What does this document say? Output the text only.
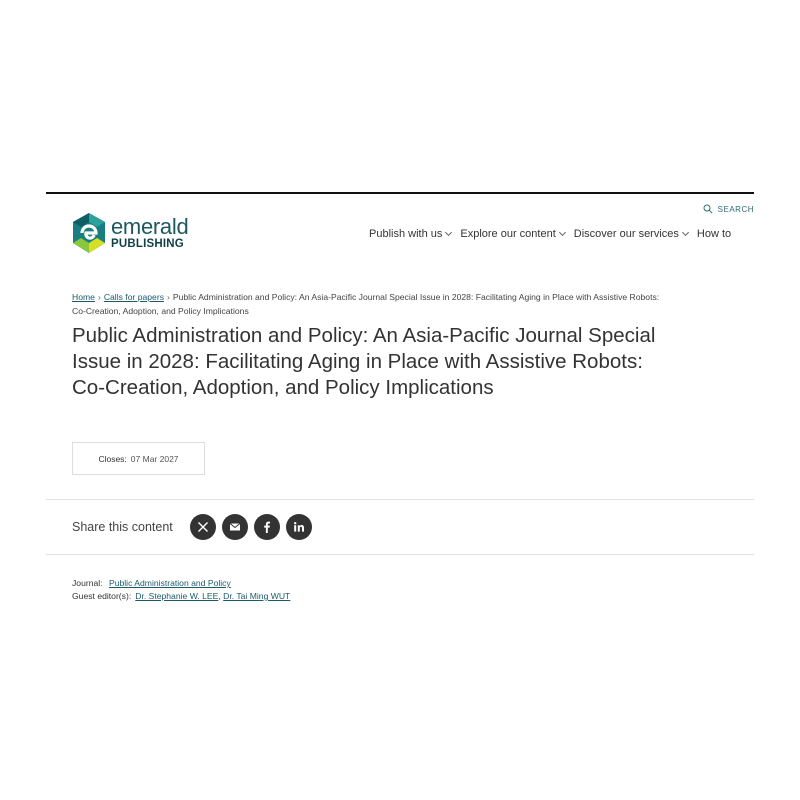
emerald
PUBLISHING
SEARCH
Publish with us Explore our content Discover our services How to
Home › Calls for papers › Public Administration and Policy: An Asia-Pacific Journal Special Issue in 2028: Facilitating Aging in Place with Assistive Robots: Co-Creation, Adoption, and Policy Implications
Public Administration and Policy: An Asia-Pacific Journal Special Issue in 2028: Facilitating Aging in Place with Assistive Robots: Co-Creation, Adoption, and Policy Implications
Closes: 07 Mar 2027
Share this content
Journal: Public Administration and Policy
Guest editor(s): Dr. Stephanie W. LEE, Dr. Tai Ming WUT
